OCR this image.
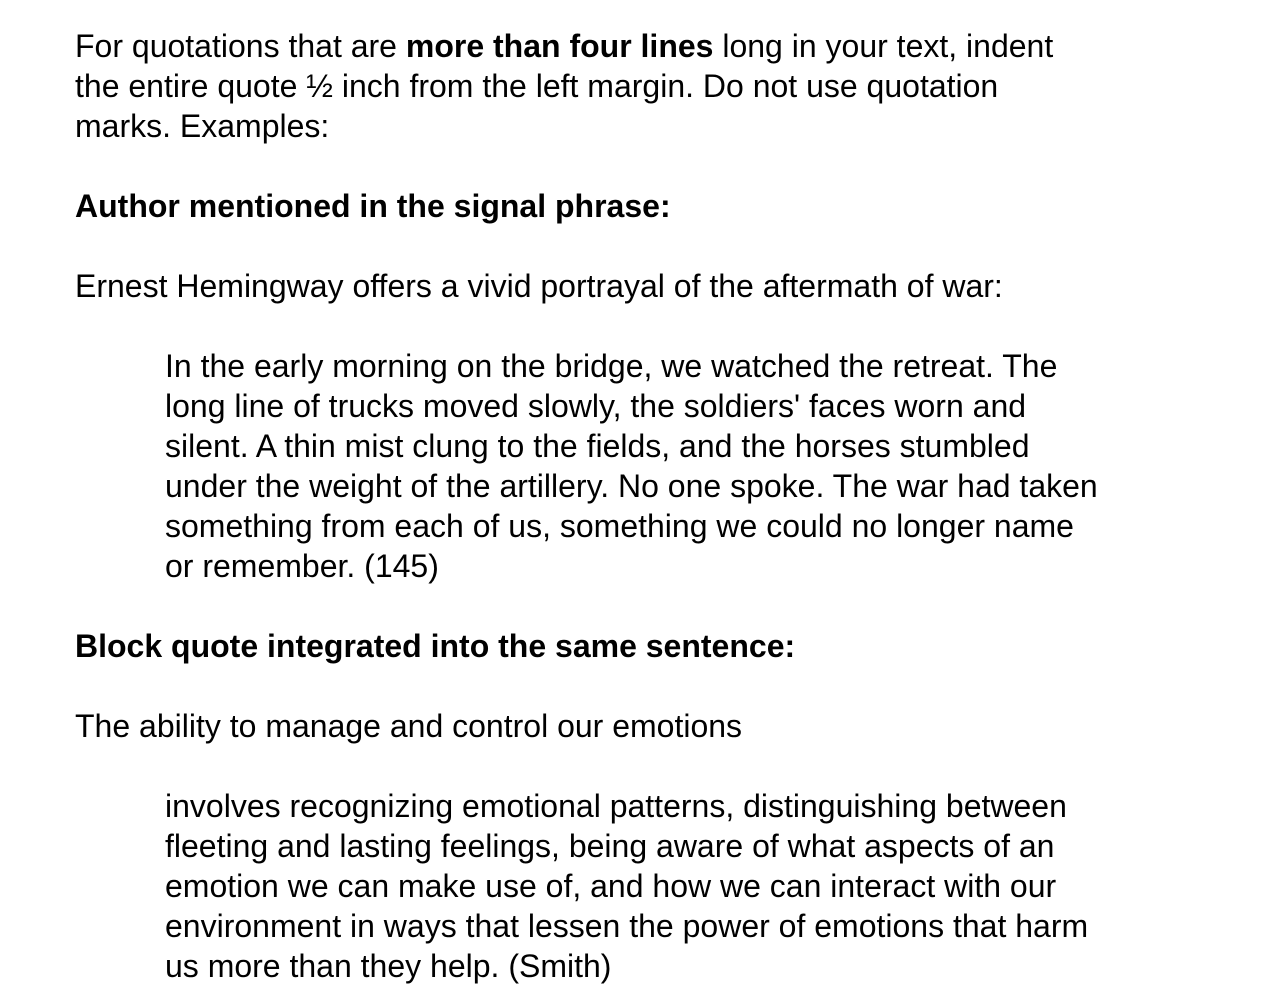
For quotations that are more than four lines long in your text, indent
the entire quote ½ inch from the left margin. Do not use quotation
marks. Examples:

Author mentioned in the signal phrase:

Ernest Hemingway offers a vivid portrayal of the aftermath of war:

In the early morning on the bridge, we watched the retreat. The
long line of trucks moved slowly, the soldiers' faces worn and
silent. A thin mist clung to the fields, and the horses stumbled
under the weight of the artillery. No one spoke. The war had taken
something from each of us, something we could no longer name
or remember. (145)

Block quote integrated into the same sentence:

The ability to manage and control our emotions

involves recognizing emotional patterns, distinguishing between
fleeting and lasting feelings, being aware of what aspects of an
emotion we can make use of, and how we can interact with our
environment in ways that lessen the power of emotions that harm
us more than they help. (Smith)
